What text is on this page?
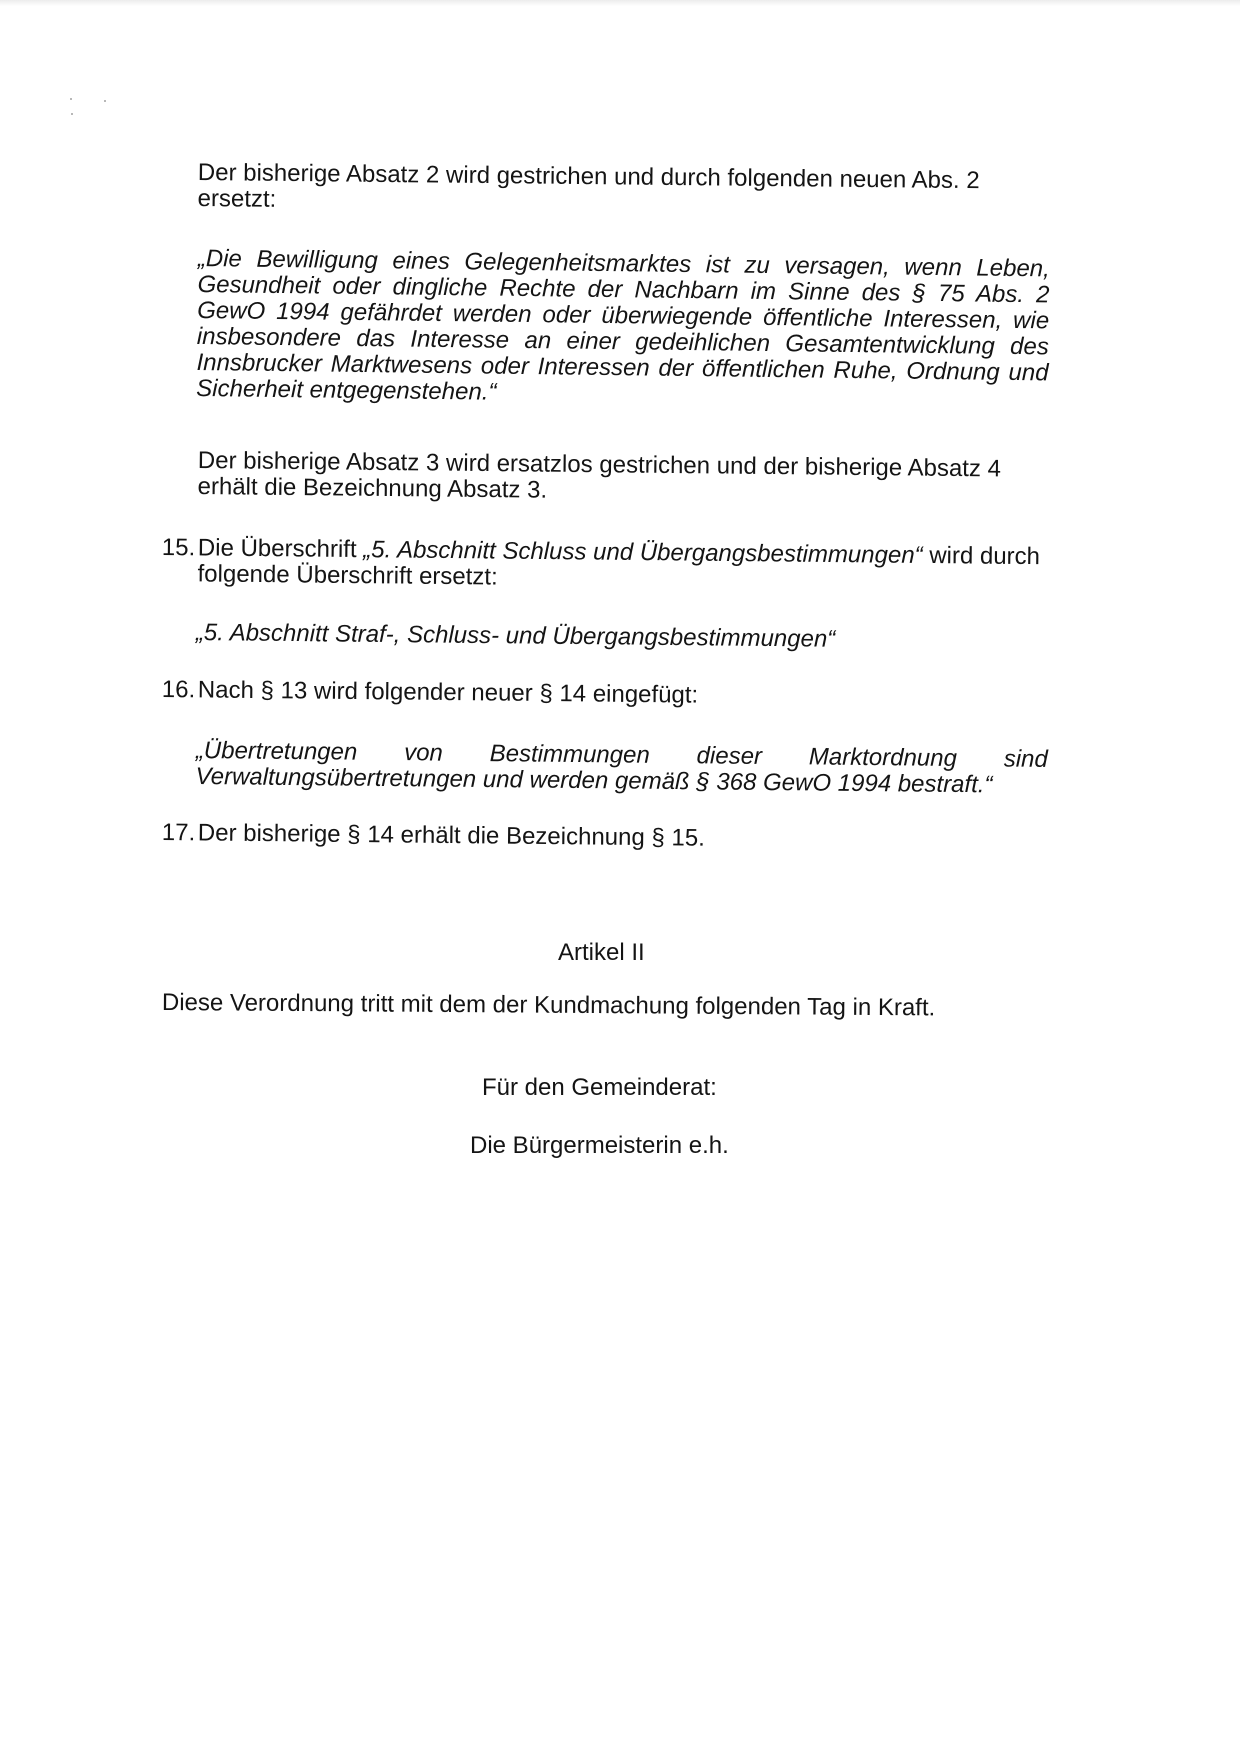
Der bisherige Absatz 2 wird gestrichen und durch folgenden neuen Abs. 2 ersetzt:

„Die Bewilligung eines Gelegenheitsmarktes ist zu versagen, wenn Leben, Gesundheit oder dingliche Rechte der Nachbarn im Sinne des § 75 Abs. 2 GewO 1994 gefährdet werden oder überwiegende öffentliche Interessen, wie insbesondere das Interesse an einer gedeihlichen Gesamtentwicklung des Innsbrucker Marktwesens oder Interessen der öffentlichen Ruhe, Ordnung und Sicherheit entgegenstehen.“

Der bisherige Absatz 3 wird ersatzlos gestrichen und der bisherige Absatz 4 erhält die Bezeichnung Absatz 3.

15. Die Überschrift „5. Abschnitt Schluss und Übergangsbestimmungen“ wird durch folgende Überschrift ersetzt:
„5. Abschnitt Straf-, Schluss- und Übergangsbestimmungen“
16. Nach § 13 wird folgender neuer § 14 eingefügt:
„Übertretungen von Bestimmungen dieser Marktordnung sind
Verwaltungsübertretungen und werden gemäß § 368 GewO 1994 bestraft.“
17. Der bisherige § 14 erhält die Bezeichnung § 15.
Artikel II
Diese Verordnung tritt mit dem der Kundmachung folgenden Tag in Kraft.
Für den Gemeinderat:
Die Bürgermeisterin e.h.
